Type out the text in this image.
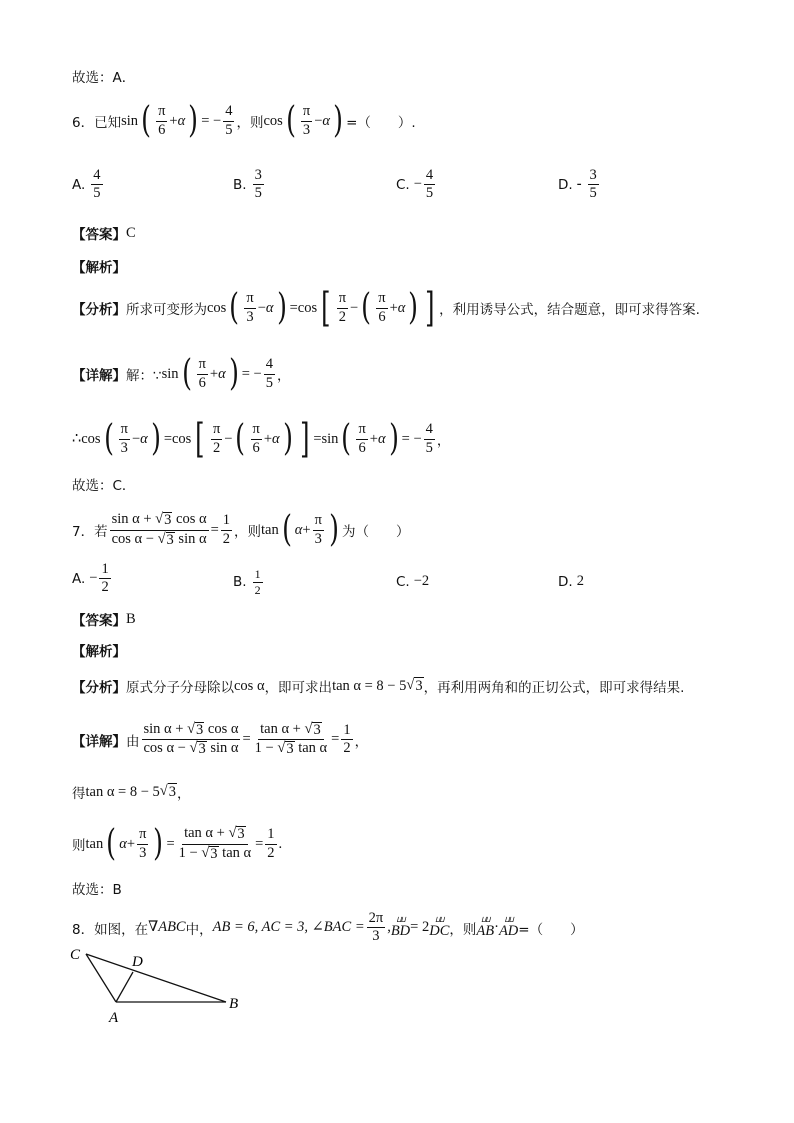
故选：A．
6．已知 sin ( $\frac{\pi}{6} + \alpha$ ) = − $\frac{4}{5}$ ，则 cos ( $\frac{\pi}{3} - \alpha$ ) =（　　）.
A. $\frac{4}{5}$	B. $\frac{3}{5}$	C. − $\frac{4}{5}$	D. - $\frac{3}{5}$
【答案】 C
【解析】
【分析】 所求可变形为 cos ( $\frac{\pi}{3} - \alpha$ ) = cos [ $\frac{\pi}{2}$ − ( $\frac{\pi}{6} + \alpha$ ) ] ，利用诱导公式，结合题意，即可求得答案.
【详解】 解：∵ sin ( $\frac{\pi}{6} + \alpha$ ) = − $\frac{4}{5}$ ，
∴ cos ( $\frac{\pi}{3} - \alpha$ ) = cos [ $\frac{\pi}{2}$ − ( $\frac{\pi}{6} + \alpha$ ) ] = sin ( $\frac{\pi}{6} + \alpha$ ) = − $\frac{4}{5}$ ，
故选：C．
7．若 $\frac{\text{sin α + √ 3 cos α}}{\text{cos α − √ 3 sin α}} = \frac{1}{2}$ ，则 tan ( $\alpha + \frac{\pi}{3}$ ) 为（　　）
A. − $\frac{1}{2}$	B. $\frac{1}{2}$	C. −2	D. 2
【答案】 B
【解析】
【分析】 原式分子分母除以 cos α ，即可求出 tan α = 8 − 5 √ 3 ，再利用两角和的正切公式，即可求得结果.
【详解】 由 $\frac{\text{sin α + √ 3 cos α}}{\text{cos α − √ 3 sin α}} = \frac{\text{tan α + √ 3}}{\text{1 − √ 3 tan α}} = \frac{1}{2}$ ，
得 tan α = 8 − 5 √ 3 ，
则 tan ( $\alpha + \frac{\pi}{3}$ ) = $\frac{\text{tan α + √ 3}}{\text{1 − √ 3 tan α}} = \frac{1}{2}$ .
故选：B
8．如图，在 ∇ABC 中， AB = 6, AC = 3, ∠BAC = $\frac{2\pi}{3}$ , ⵡⵡ
BD = 2 ⵡⵡ
DC ，则
ⵡⵡ
AB · ⵡⵡ
AD =（　　）
C	D
A
B
